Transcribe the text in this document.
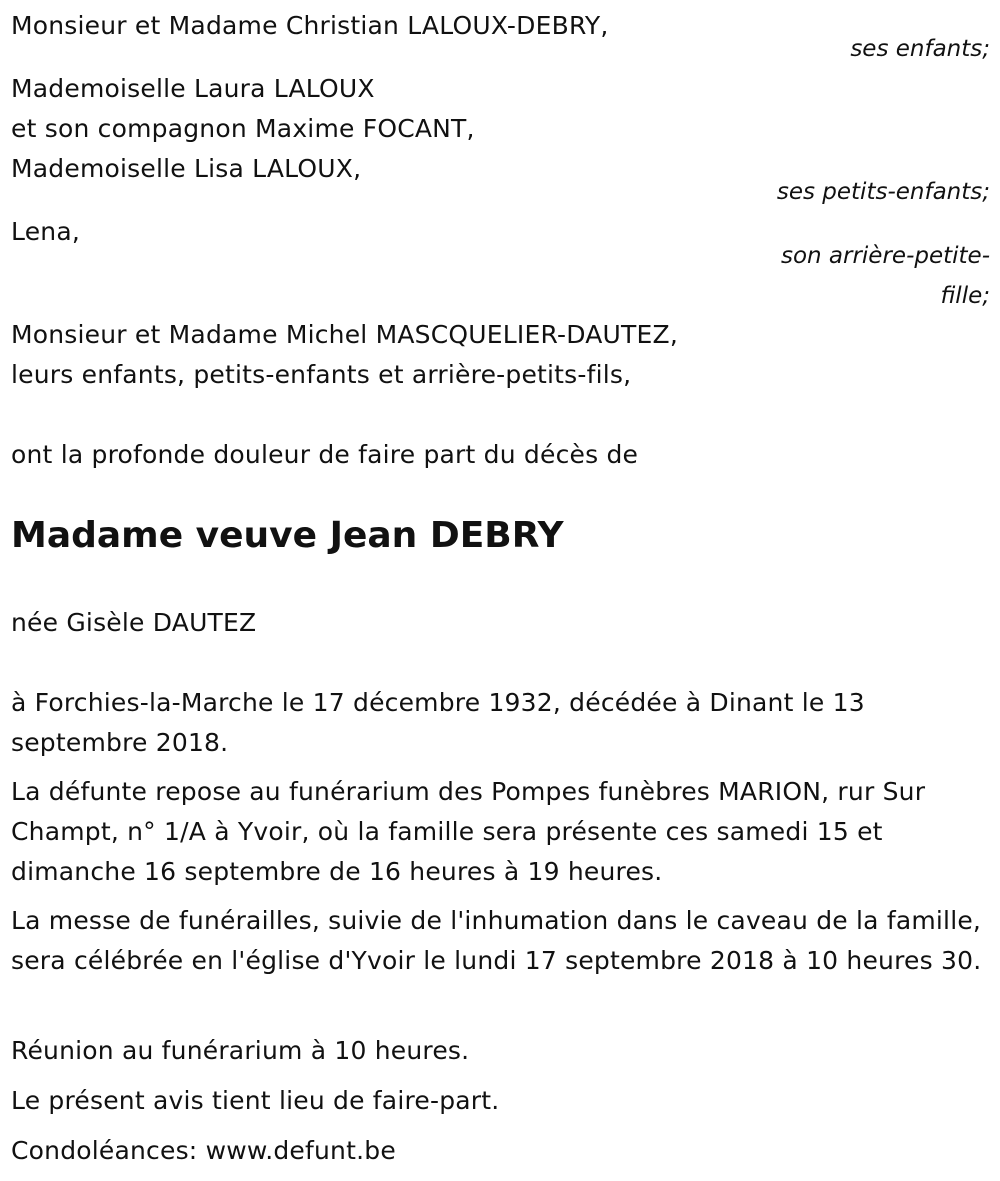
Monsieur et Madame Christian LALOUX-DEBRY,
ses enfants;
Mademoiselle Laura LALOUX
et son compagnon Maxime FOCANT,
Mademoiselle Lisa LALOUX,
ses petits-enfants;
Lena,
son arrière-petite-
fille;
Monsieur et Madame Michel MASCQUELIER-DAUTEZ,
leurs enfants, petits-enfants et arrière-petits-fils,
ont la profonde douleur de faire part du décès de
Madame veuve Jean DEBRY
née Gisèle DAUTEZ
à Forchies-la-Marche le 17 décembre 1932, décédée à Dinant le 13 septembre 2018.
La défunte repose au funérarium des Pompes funèbres MARION, rur Sur Champt, n° 1/A à Yvoir, où la famille sera présente ces samedi 15 et dimanche 16 septembre de 16 heures à 19 heures.
La messe de funérailles, suivie de l'inhumation dans le caveau de la famille, sera célébrée en l'église d'Yvoir le lundi 17 septembre 2018 à 10 heures 30.
Réunion au funérarium à 10 heures.
Le présent avis tient lieu de faire-part.
Condoléances: www.defunt.be
